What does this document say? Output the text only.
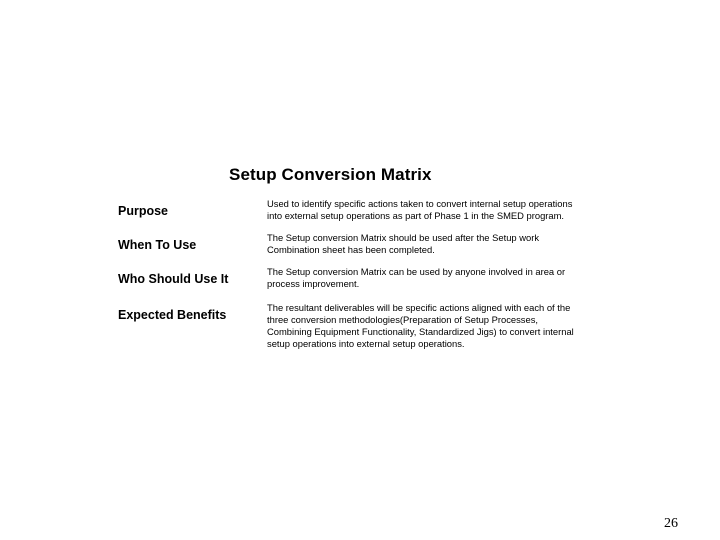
Setup Conversion Matrix
Purpose
Used to identify specific actions taken to convert internal setup operations
into external setup operations as part of Phase 1 in the SMED program.
When To Use
The Setup conversion Matrix should be used after the Setup work
Combination sheet has been completed.
Who Should Use It
The Setup conversion Matrix can be used by anyone involved in area or
process improvement.
Expected Benefits
The resultant deliverables will be specific actions aligned with each of the
three conversion methodologies(Preparation of Setup Processes,
Combining Equipment Functionality, Standardized Jigs) to convert internal
setup operations into external setup operations.
26
